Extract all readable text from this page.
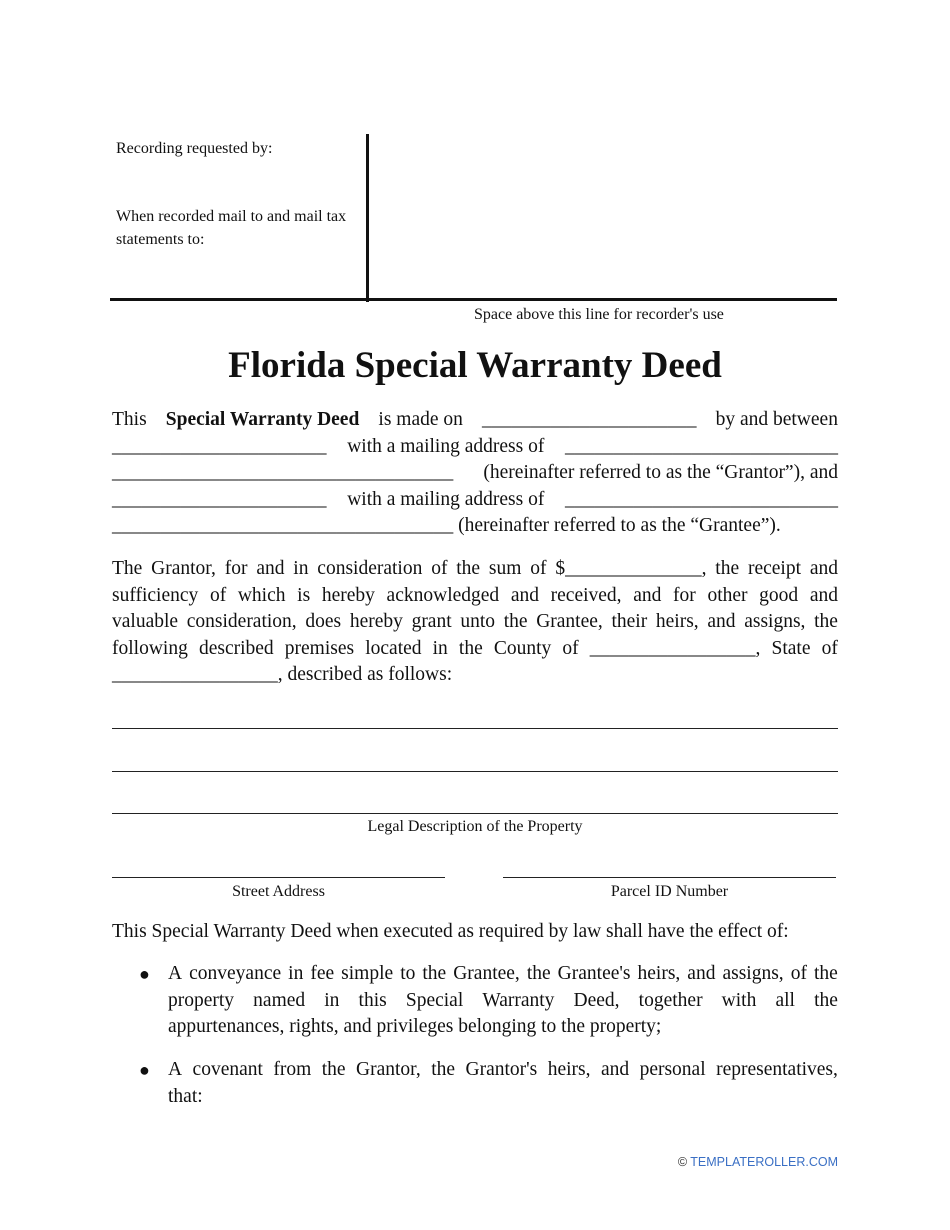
Recording requested by:
When recorded mail to and mail tax
statements to:
Space above this line for recorder's use
Florida Special Warranty Deed
This Special Warranty Deed is made on ______________________ by and between
______________________ with a mailing address of ____________________________
___________________________________ (hereinafter referred to as the “Grantor”), and
______________________ with a mailing address of ____________________________
___________________________________ (hereinafter referred to as the “Grantee”).
The Grantor, for and in consideration of the sum of $______________, the receipt and
sufficiency of which is hereby acknowledged and received, and for other good and
valuable consideration, does hereby grant unto the Grantee, their heirs, and assigns, the
following described premises located in the County of _________________, State of
_________________, described as follows:
Legal Description of the Property
Street Address	Parcel ID Number
This Special Warranty Deed when executed as required by law shall have the effect of:
● A conveyance in fee simple to the Grantee, the Grantee's heirs, and assigns, of the
property named in this Special Warranty Deed, together with all the
appurtenances, rights, and privileges belonging to the property;
● A covenant from the Grantor, the Grantor's heirs, and personal representatives,
that:
© TEMPLATEROLLER.COM
